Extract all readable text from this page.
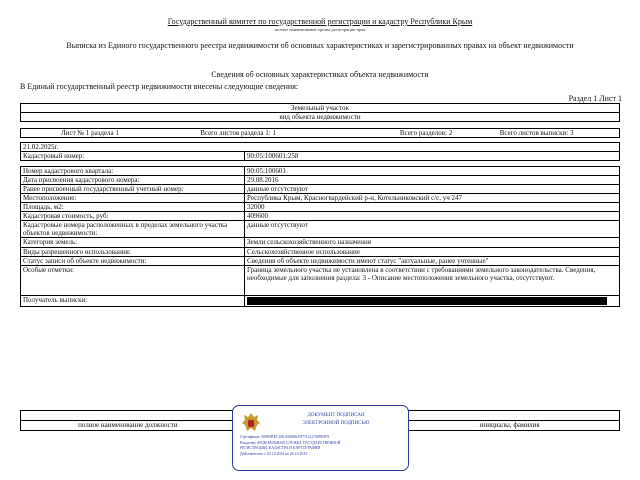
Государственный комитет по государственной регистрации и кадастру Республики Крым
полное наименование органа регистрации прав
Выписка из Единого государственного реестра недвижимости об основных характеристиках и зарегистрированных правах на объект недвижимости
Сведения об основных характеристиках объекта недвижимости
В Единый государственный реестр недвижимости внесены следующие сведения:
Раздел 1 Лист 1
Земельный участок
вид объекта недвижимости
Лист № 1 раздела 1	Всего листов раздела 1: 1	Всего разделов: 2	Всего листов выписки: 3
21.02.2025г.	
Кадастровый номер:	90:05:100601:258

Номер кадастрового квартала:	90:05:100601
Дата присвоения кадастрового номера:	29.08.2016
Ранее присвоенный государственный учетный номер:	данные отсутствуют
Местоположение:	Республика Крым, Красногвардейский р-н, Котельниковский с/с, уч 247
Площадь, м2:	32000
Кадастровая стоимость, руб:	409600
Кадастровые номера расположенных в пределах земельного участка объектов недвижимости:	данные отсутствуют
Категория земель:	Земли сельскохозяйственного назначения
Виды разрешенного использования:	Сельскохозяйственное использование
Статус записи об объекте недвижимости:	Сведения об объекте недвижимости имеют статус "актуальные, ранее учтенные"
Особые отметки:	Граница земельного участка не установлена в соответствии с требованиями земельного законодательства. Сведения, необходимые для заполнения раздела: 3 - Описание местоположения земельного участка, отсутствуют.
Получатель выписки:	

полное наименование должности		инициалы, фамилия
ДОКУМЕНТ ПОДПИСАН
ЭЛЕКТРОННОЙ ПОДПИСЬЮ
Сертификат: 009F0BEC1B1A8268645F7A1227088E0F9
Владелец: ФЕДЕРАЛЬНАЯ СЛУЖБА ГОСУДАРСТВЕННОЙ
РЕГИСТРАЦИИ, КАДАСТРА И КАРТОГРАФИИ
Действителен: с 02.10.2024 по 26.10.2025
